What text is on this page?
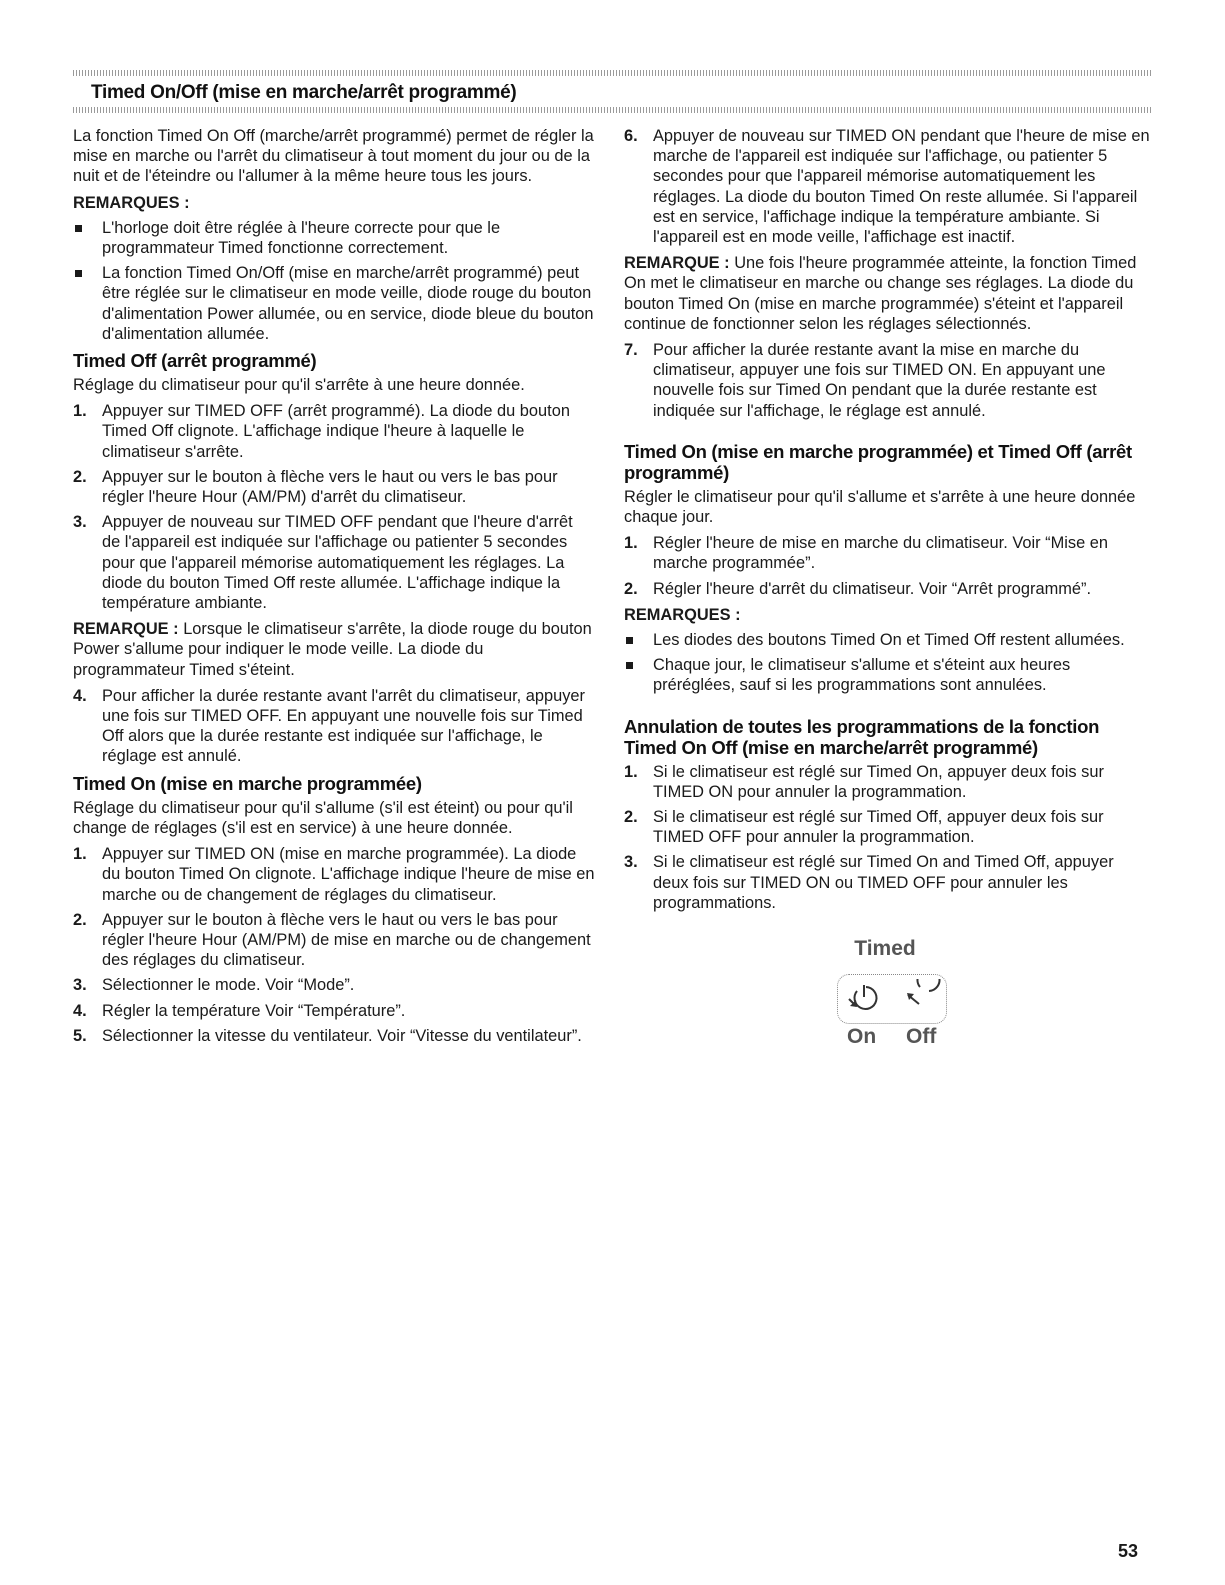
Timed On/Off (mise en marche/arrêt programmé)

La fonction Timed On Off (marche/arrêt programmé) permet de régler la mise en marche ou l'arrêt du climatiseur à tout moment du jour ou de la nuit et de l'éteindre ou l'allumer à la même heure tous les jours.

REMARQUES :
L'horloge doit être réglée à l'heure correcte pour que le programmateur Timed fonctionne correctement.
La fonction Timed On/Off (mise en marche/arrêt programmé) peut être réglée sur le climatiseur en mode veille, diode rouge du bouton d'alimentation Power allumée, ou en service, diode bleue du bouton d'alimentation allumée.
Timed Off (arrêt programmé)

Réglage du climatiseur pour qu'il s'arrête à une heure donnée.

1. Appuyer sur TIMED OFF (arrêt programmé). La diode du bouton Timed Off clignote. L'affichage indique l'heure à laquelle le climatiseur s'arrête.
2. Appuyer sur le bouton à flèche vers le haut ou vers le bas pour régler l'heure Hour (AM/PM) d'arrêt du climatiseur.
3. Appuyer de nouveau sur TIMED OFF pendant que l'heure d'arrêt de l'appareil est indiquée sur l'affichage ou patienter 5 secondes pour que l'appareil mémorise automatiquement les réglages. La diode du bouton Timed Off reste allumée. L'affichage indique la température ambiante.

REMARQUE : Lorsque le climatiseur s'arrête, la diode rouge du bouton Power s'allume pour indiquer le mode veille. La diode du programmateur Timed s'éteint.

4. Pour afficher la durée restante avant l'arrêt du climatiseur, appuyer une fois sur TIMED OFF. En appuyant une nouvelle fois sur Timed Off alors que la durée restante est indiquée sur l'affichage, le réglage est annulé.
Timed On (mise en marche programmée)

Réglage du climatiseur pour qu'il s'allume (s'il est éteint) ou pour qu'il change de réglages (s'il est en service) à une heure donnée.

1. Appuyer sur TIMED ON (mise en marche programmée). La diode du bouton Timed On clignote. L'affichage indique l'heure de mise en marche ou de changement de réglages du climatiseur.
2. Appuyer sur le bouton à flèche vers le haut ou vers le bas pour régler l'heure Hour (AM/PM) de mise en marche ou de changement des réglages du climatiseur.
3. Sélectionner le mode. Voir “Mode”.
4. Régler la température Voir “Température”.
5. Sélectionner la vitesse du ventilateur. Voir “Vitesse du ventilateur”.
6. Appuyer de nouveau sur TIMED ON pendant que l'heure de mise en marche de l'appareil est indiquée sur l'affichage, ou patienter 5 secondes pour que l'appareil mémorise automatiquement les réglages. La diode du bouton Timed On reste allumée. Si l'appareil est en service, l'affichage indique la température ambiante. Si l'appareil est en mode veille, l'affichage est inactif.

REMARQUE : Une fois l'heure programmée atteinte, la fonction Timed On met le climatiseur en marche ou change ses réglages. La diode du bouton Timed On (mise en marche programmée) s'éteint et l'appareil continue de fonctionner selon les réglages sélectionnés.

7. Pour afficher la durée restante avant la mise en marche du climatiseur, appuyer une fois sur TIMED ON. En appuyant une nouvelle fois sur Timed On pendant que la durée restante est indiquée sur l'affichage, le réglage est annulé.
Timed On (mise en marche programmée) et Timed Off (arrêt programmé)

Régler le climatiseur pour qu'il s'allume et s'arrête à une heure donnée chaque jour.

1. Régler l'heure de mise en marche du climatiseur. Voir “Mise en marche programmée”.
2. Régler l'heure d'arrêt du climatiseur. Voir “Arrêt programmé”.
REMARQUES :
Les diodes des boutons Timed On et Timed Off restent allumées.
Chaque jour, le climatiseur s'allume et s'éteint aux heures préréglées, sauf si les programmations sont annulées.
Annulation de toutes les programmations de la fonction Timed On Off (mise en marche/arrêt programmé)
1. Si le climatiseur est réglé sur Timed On, appuyer deux fois sur TIMED ON pour annuler la programmation.
2. Si le climatiseur est réglé sur Timed Off, appuyer deux fois sur TIMED OFF pour annuler la programmation.
3. Si le climatiseur est réglé sur Timed On and Timed Off, appuyer deux fois sur TIMED ON ou TIMED OFF pour annuler les programmations.
Timed
On Off
53
